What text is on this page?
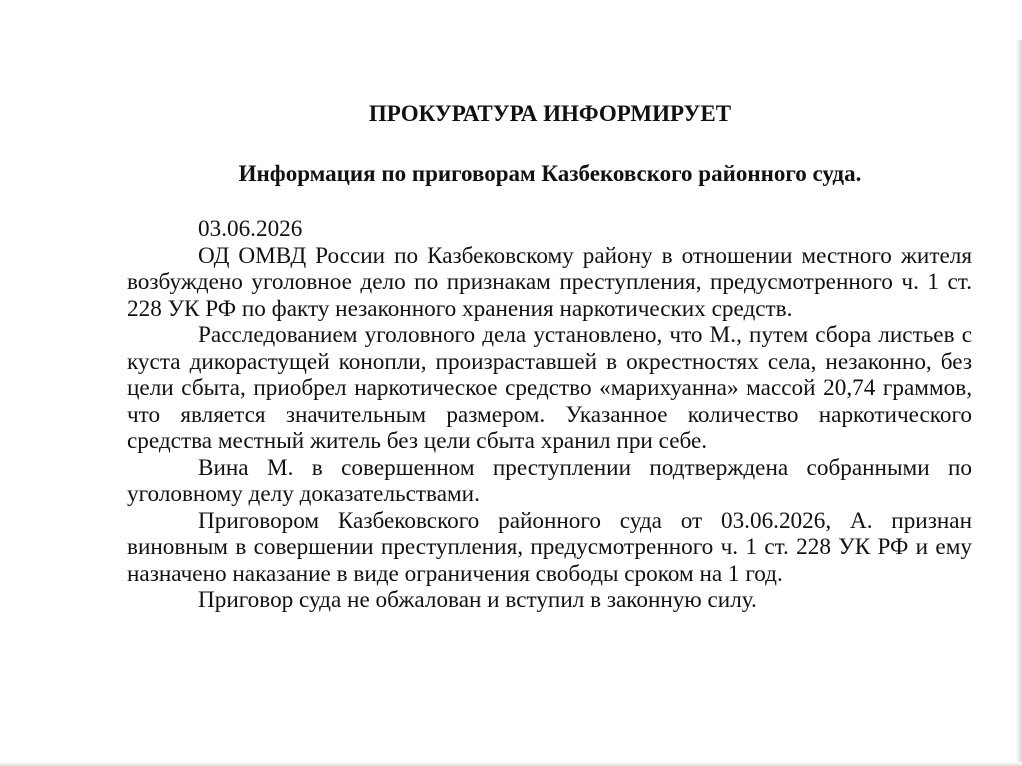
ПРОКУРАТУРА ИНФОРМИРУЕТ
Информация по приговорам Казбековского районного суда.

03.06.2026

ОД ОМВД России по Казбековскому району в отношении местного жителя возбуждено уголовное дело по признакам преступления, предусмотренного ч. 1 ст. 228 УК РФ по факту незаконного хранения наркотических средств.

Расследованием уголовного дела установлено, что М., путем сбора листьев с куста дикорастущей конопли, произраставшей в окрестностях села, незаконно, без цели сбыта, приобрел наркотическое средство «марихуанна» массой 20,74 граммов, что является значительным размером. Указанное количество наркотического средства местный житель без цели сбыта хранил при себе.

Вина М. в совершенном преступлении подтверждена собранными по уголовному делу доказательствами.

Приговором Казбековского районного суда от 03.06.2026, А. признан виновным в совершении преступления, предусмотренного ч. 1 ст. 228 УК РФ и ему назначено наказание в виде ограничения свободы сроком на 1 год.

Приговор суда не обжалован и вступил в законную силу.
